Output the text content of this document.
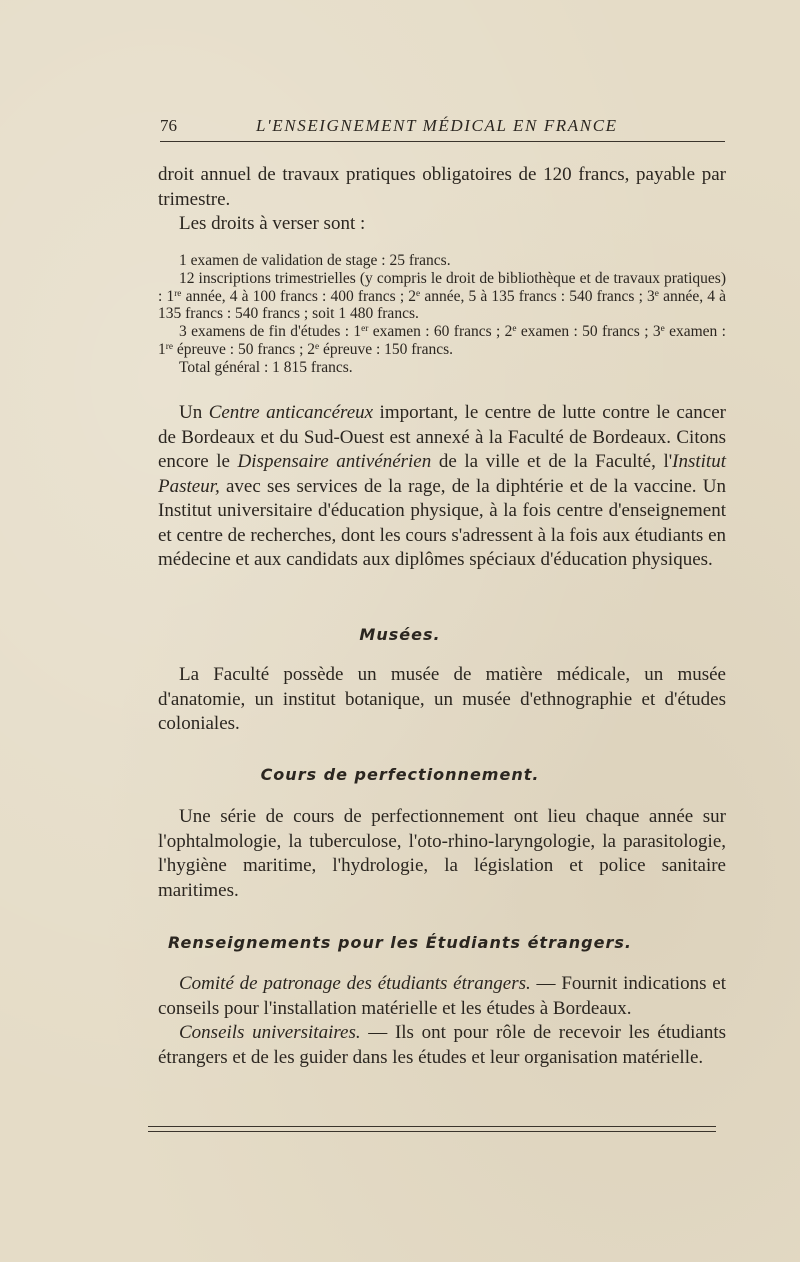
76	L'ENSEIGNEMENT MÉDICAL EN FRANCE

droit annuel de travaux pratiques obligatoires de 120 francs, payable par trimestre.

Les droits à verser sont :

1 examen de validation de stage : 25 francs.

12 inscriptions trimestrielles (y compris le droit de bibliothèque et de travaux pratiques) : 1re année, 4 à 100 francs : 400 francs ; 2e année, 5 à 135 francs : 540 francs ; 3e année, 4 à 135 francs : 540 francs ; soit 1 480 francs.

3 examens de fin d'études : 1er examen : 60 francs ; 2e examen : 50 francs ; 3e examen : 1re épreuve : 50 francs ; 2e épreuve : 150 francs.

Total général : 1 815 francs.

Un Centre anticancéreux important, le centre de lutte contre le cancer de Bordeaux et du Sud-Ouest est annexé à la Faculté de Bordeaux. Citons encore le Dispensaire antivénérien de la ville et de la Faculté, l'Institut Pasteur, avec ses services de la rage, de la diphtérie et de la vaccine. Un Institut universitaire d'éducation physique, à la fois centre d'enseignement et centre de recherches, dont les cours s'adressent à la fois aux étudiants en médecine et aux candidats aux diplômes spéciaux d'éducation physiques.

Musées.

La Faculté possède un musée de matière médicale, un musée d'anatomie, un institut botanique, un musée d'ethnographie et d'études coloniales.

Cours de perfectionnement.

Une série de cours de perfectionnement ont lieu chaque année sur l'ophtalmologie, la tuberculose, l'oto-rhino-laryngologie, la parasitologie, l'hygiène maritime, l'hydrologie, la législation et police sanitaire maritimes.

Renseignements pour les Étudiants étrangers.

Comité de patronage des étudiants étrangers. — Fournit indications et conseils pour l'installation matérielle et les études à Bordeaux.

Conseils universitaires. — Ils ont pour rôle de recevoir les étudiants étrangers et de les guider dans les études et leur organisation matérielle.
